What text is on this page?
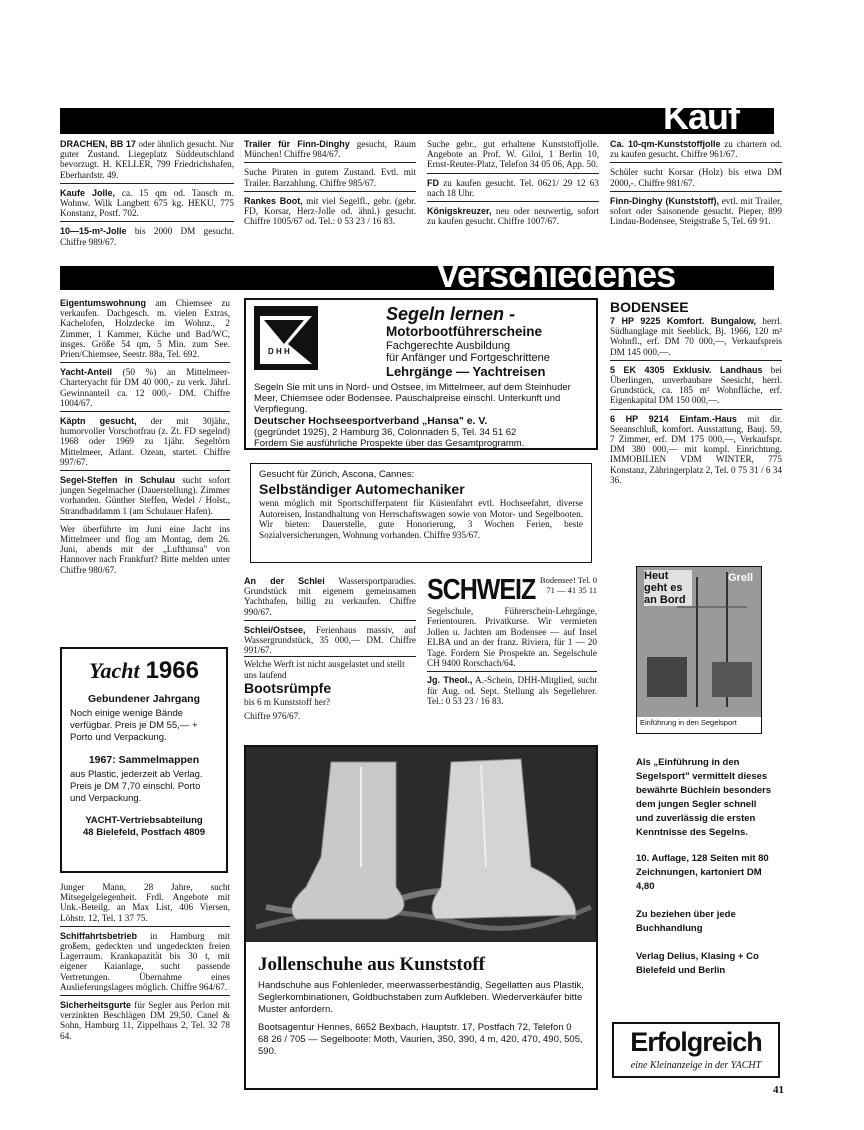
Kauf
DRACHEN, BB 17 oder ähnlich gesucht. Nur guter Zustand. Liegeplatz Süddeutschland bevorzugt. H. KELLER, 799 Friedrichshafen, Eberhardstr. 49.
Kaufe Jolle, ca. 15 qm od. Tausch m. Wohnw. Wilk Langbett 675 kg. HEKU, 775 Konstanz, Postf. 702.
10—15-m²-Jolle bis 2000 DM gesucht. Chiffre 989/67.
Trailer für Finn-Dinghy gesucht, Raum München! Chiffre 984/67.
Suche Piraten in gutem Zustand. Evtl. mit Trailer. Barzahlung. Chiffre 985/67.
Rankes Boot, mit viel Segelfl., gebr. (gebr. FD, Korsar, Herz-Jolle od. ähnl.) gesucht. Chiffre 1005/67 od. Tel.: 0 53 23 / 16 83.
Suche gebr., gut erhaltene Kunststoffjolle. Angebote an Prof. W. Giloi, 1 Berlin 10, Ernst-Reuter-Platz, Telefon 34 05 06, App. 50.
FD zu kaufen gesucht. Tel. 0621/ 29 12 63 nach 18 Uhr.
Königskreuzer, neu oder neuwertig, sofort zu kaufen gesucht. Chiffre 1007/67.
Ca. 10-qm-Kunststoffjolle zu chartern od. zu kaufen gesucht. Chiffre 961/67.
Schüler sucht Korsar (Holz) bis etwa DM 2000,-. Chiffre 981/67.
Finn-Dinghy (Kunststoff), evtl. mit Trailer, sofort oder Saisonende gesucht. Pieper, 899 Lindau-Bodensee, Steigstraße 5, Tel. 69 91.
Verschiedenes
Eigentumswohnung am Chiemsee zu verkaufen. Dachgesch. m. vielen Extras, Kachelofen, Holzdecke im Wohnz., 2 Zimmer, 1 Kammer, Küche und Bad/WC, insges. Größe 54 qm, 5 Min. zum See. Prien/Chiemsee, Seestr. 88a, Tel. 692.
Yacht-Anteil (50 %) an Mittelmeer-Charteryacht für DM 40 000,- zu verk. Jährl. Gewinnanteil ca. 12 000,- DM. Chiffre 1004/67.
Käptn gesucht, der mit 30jähr., humorvoller Vorschotfrau (z. Zt. FD segelnd) 1968 oder 1969 zu 1jähr. Segeltörn Mittelmeer, Atlant. Ozean, startet. Chiffre 997/67.
Segel-Steffen in Schulau sucht sofort jungen Segelmacher (Dauerstellung). Zimmer vorhanden. Günther Steffen, Wedel / Holst., Strandbaddamm 1 (am Schulauer Hafen).
Wer überführte im Juni eine Jacht ins Mittelmeer und flog am Montag, dem 26. Juni, abends mit der „Lufthansa" von Hannover nach Frankfurt? Bitte melden unter Chiffre 980/67.
Yacht 1966
Gebundener Jahrgang
Noch einige wenige Bände verfügbar. Preis je DM 55,— + Porto und Verpackung.
1967: Sammelmappen
aus Plastic, jederzeit ab Verlag. Preis je DM 7,70 einschl. Porto und Verpackung.
YACHT-Vertriebsabteilung
48 Bielefeld, Postfach 4809
Junger Mann, 28 Jahre, sucht Mitsegelgelegenheit. Frdl. Angebote mit Unk.-Beteilg. an Max List, 406 Viersen, Löhstr. 12, Tel. 1 37 75.
Schiffahrtsbetrieb in Hamburg mit großem, gedeckten und ungedeckten freien Lagerraum. Krankapazität bis 30 t, mit eigener Kaianlage, sucht passende Vertretungen. Übernahme eines Auslieferungslagers möglich. Chiffre 964/67.
Sicherheitsgurte für Segler aus Perlon mit verzinkten Beschlägen DM 29,50. Canel & Sohn, Hamburg 11, Zippelhaus 2, Tel. 32 78 64.
D H H
Segeln lernen -
Motorbootführerscheine
Fachgerechte Ausbildung
für Anfänger und Fortgeschrittene
Lehrgänge — Yachtreisen
Segeln Sie mit uns in Nord- und Ostsee, im Mittelmeer, auf dem Steinhuder Meer, Chiemsee oder Bodensee. Pauschalpreise einschl. Unterkunft und Verpflegung.
Deutscher Hochseesportverband „Hansa" e. V.
(gegründet 1925), 2 Hamburg 36, Colonnaden 5, Tel. 34 51 62
Fordern Sie ausführliche Prospekte über das Gesamtprogramm.
Gesucht für Zürich, Ascona, Cannes:
Selbständiger Automechaniker
wenn möglich mit Sportschifferpatent für Küstenfahrt evtl. Hochseefahrt, diverse Autoreisen, Instandhaltung von Herrschaftswagen sowie von Motor- und Segelbooten. Wir bieten: Dauerstelle, gute Honorierung, 3 Wochen Ferien, beste Sozialversicherungen, Wohnung vorhanden. Chiffre 935/67.
An der Schlei Wassersportparadies. Grundstück mit eigenem gemeinsamen Yachthafen, billig zu verkaufen. Chiffre 990/67.
Schlei/Ostsee, Ferienhaus massiv, auf Wassergrundstück, 35 000,— DM. Chiffre 991/67.
Welche Werft ist nicht ausgelastet und stellt uns laufend
Bootsrümpfe
bis 6 m Kunststoff her?
Chiffre 976/67.
SCHWEIZ Bodensee! Tel. 0 71 — 41 35 11
Segelschule, Führerschein-Lehrgänge, Ferientouren. Privatkurse. Wir vermieten Jollen u. Jachten am Bodensee — auf Insel ELBA und an der franz. Riviera, für 1 — 20 Tage. Fordern Sie Prospekte an. Segelschule CH 9400 Rorschach/64.
Jg. Theol., A.-Schein, DHH-Mitglied, sucht für Aug. od. Sept. Stellung als Segellehrer. Tel.: 0 53 23 / 16 83.
Jollenschuhe aus Kunststoff
Handschuhe aus Fohlenleder, meerwasserbeständig, Segellatten aus Plastik, Seglerkombinationen, Goldbuchstaben zum Aufkleben. Wiederverkäufer bitte Muster anfordern.
Bootsagentur Hennes, 6652 Bexbach, Hauptstr. 17, Postfach 72, Telefon 0 68 26 / 705 — Segelboote: Moth, Vaurien, 350, 390, 4 m, 420, 470, 490, 505, 590.
BODENSEE
7 HP 9225 Komfort. Bungalow, herrl. Südhanglage mit Seeblick, Bj. 1966, 120 m² Wohnfl., erf. DM 70 000,—, Verkaufspreis DM 145 000,—.
5 EK 4305 Exklusiv. Landhaus bei Überlingen, unverbaubare Seesicht, herrl. Grundstück, ca. 185 m² Wohnfläche, erf. Eigenkapital DM 150 000,—.
6 HP 9214 Einfam.-Haus mit dir. Seeanschluß, komfort. Ausstattung, Bauj. 59, 7 Zimmer, erf. DM 175 000,—, Verkaufspr. DM 380 000,— mit kompl. Einrichtung. IMMOBILIEN VDM WINTER, 775 Konstanz, Zähringerplatz 2, Tel. 0 75 31 / 6 34 36.
Heut geht es an Bord
Grell
Einführung in den Segelsport
Als „Einführung in den Segelsport" vermittelt dieses bewährte Büchlein besonders dem jungen Segler schnell und zuverlässig die ersten Kenntnisse des Segelns.
10. Auflage, 128 Seiten mit 80 Zeichnungen, kartoniert DM 4,80
Zu beziehen über jede Buchhandlung
Verlag Delius, Klasing + Co Bielefeld und Berlin
Erfolgreich
eine Kleinanzeige in der YACHT
41
